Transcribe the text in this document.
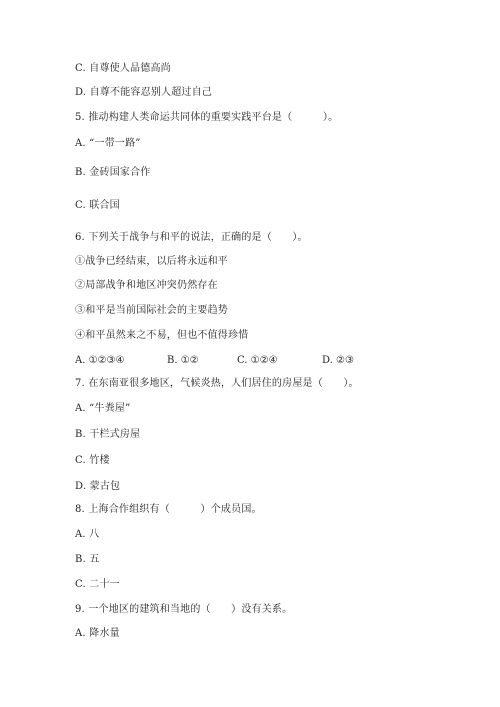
C. 自尊使人品德高尚
D. 自尊不能容忍别人超过自己
5. 推动构建人类命运共同体的重要实践平台是（　　　）。
A. “一带一路”
B. 金砖国家合作
C. 联合国
6. 下列关于战争与和平的说法，正确的是（　　）。
①战争已经结束，以后将永远和平
②局部战争和地区冲突仍然存在
③和平是当前国际社会的主要趋势
④和平虽然来之不易，但也不值得珍惜
A. ①②③④	B. ①②	C. ①②④	D. ②③
7. 在东南亚很多地区，气候炎热，人们居住的房屋是（　　）。
A. “牛粪屋”
B. 干栏式房屋
C. 竹楼
D. 蒙古包
8. 上海合作组织有（　　　）个成员国。
A. 八
B. 五
C. 二十一
9. 一个地区的建筑和当地的（　　）没有关系。
A. 降水量
